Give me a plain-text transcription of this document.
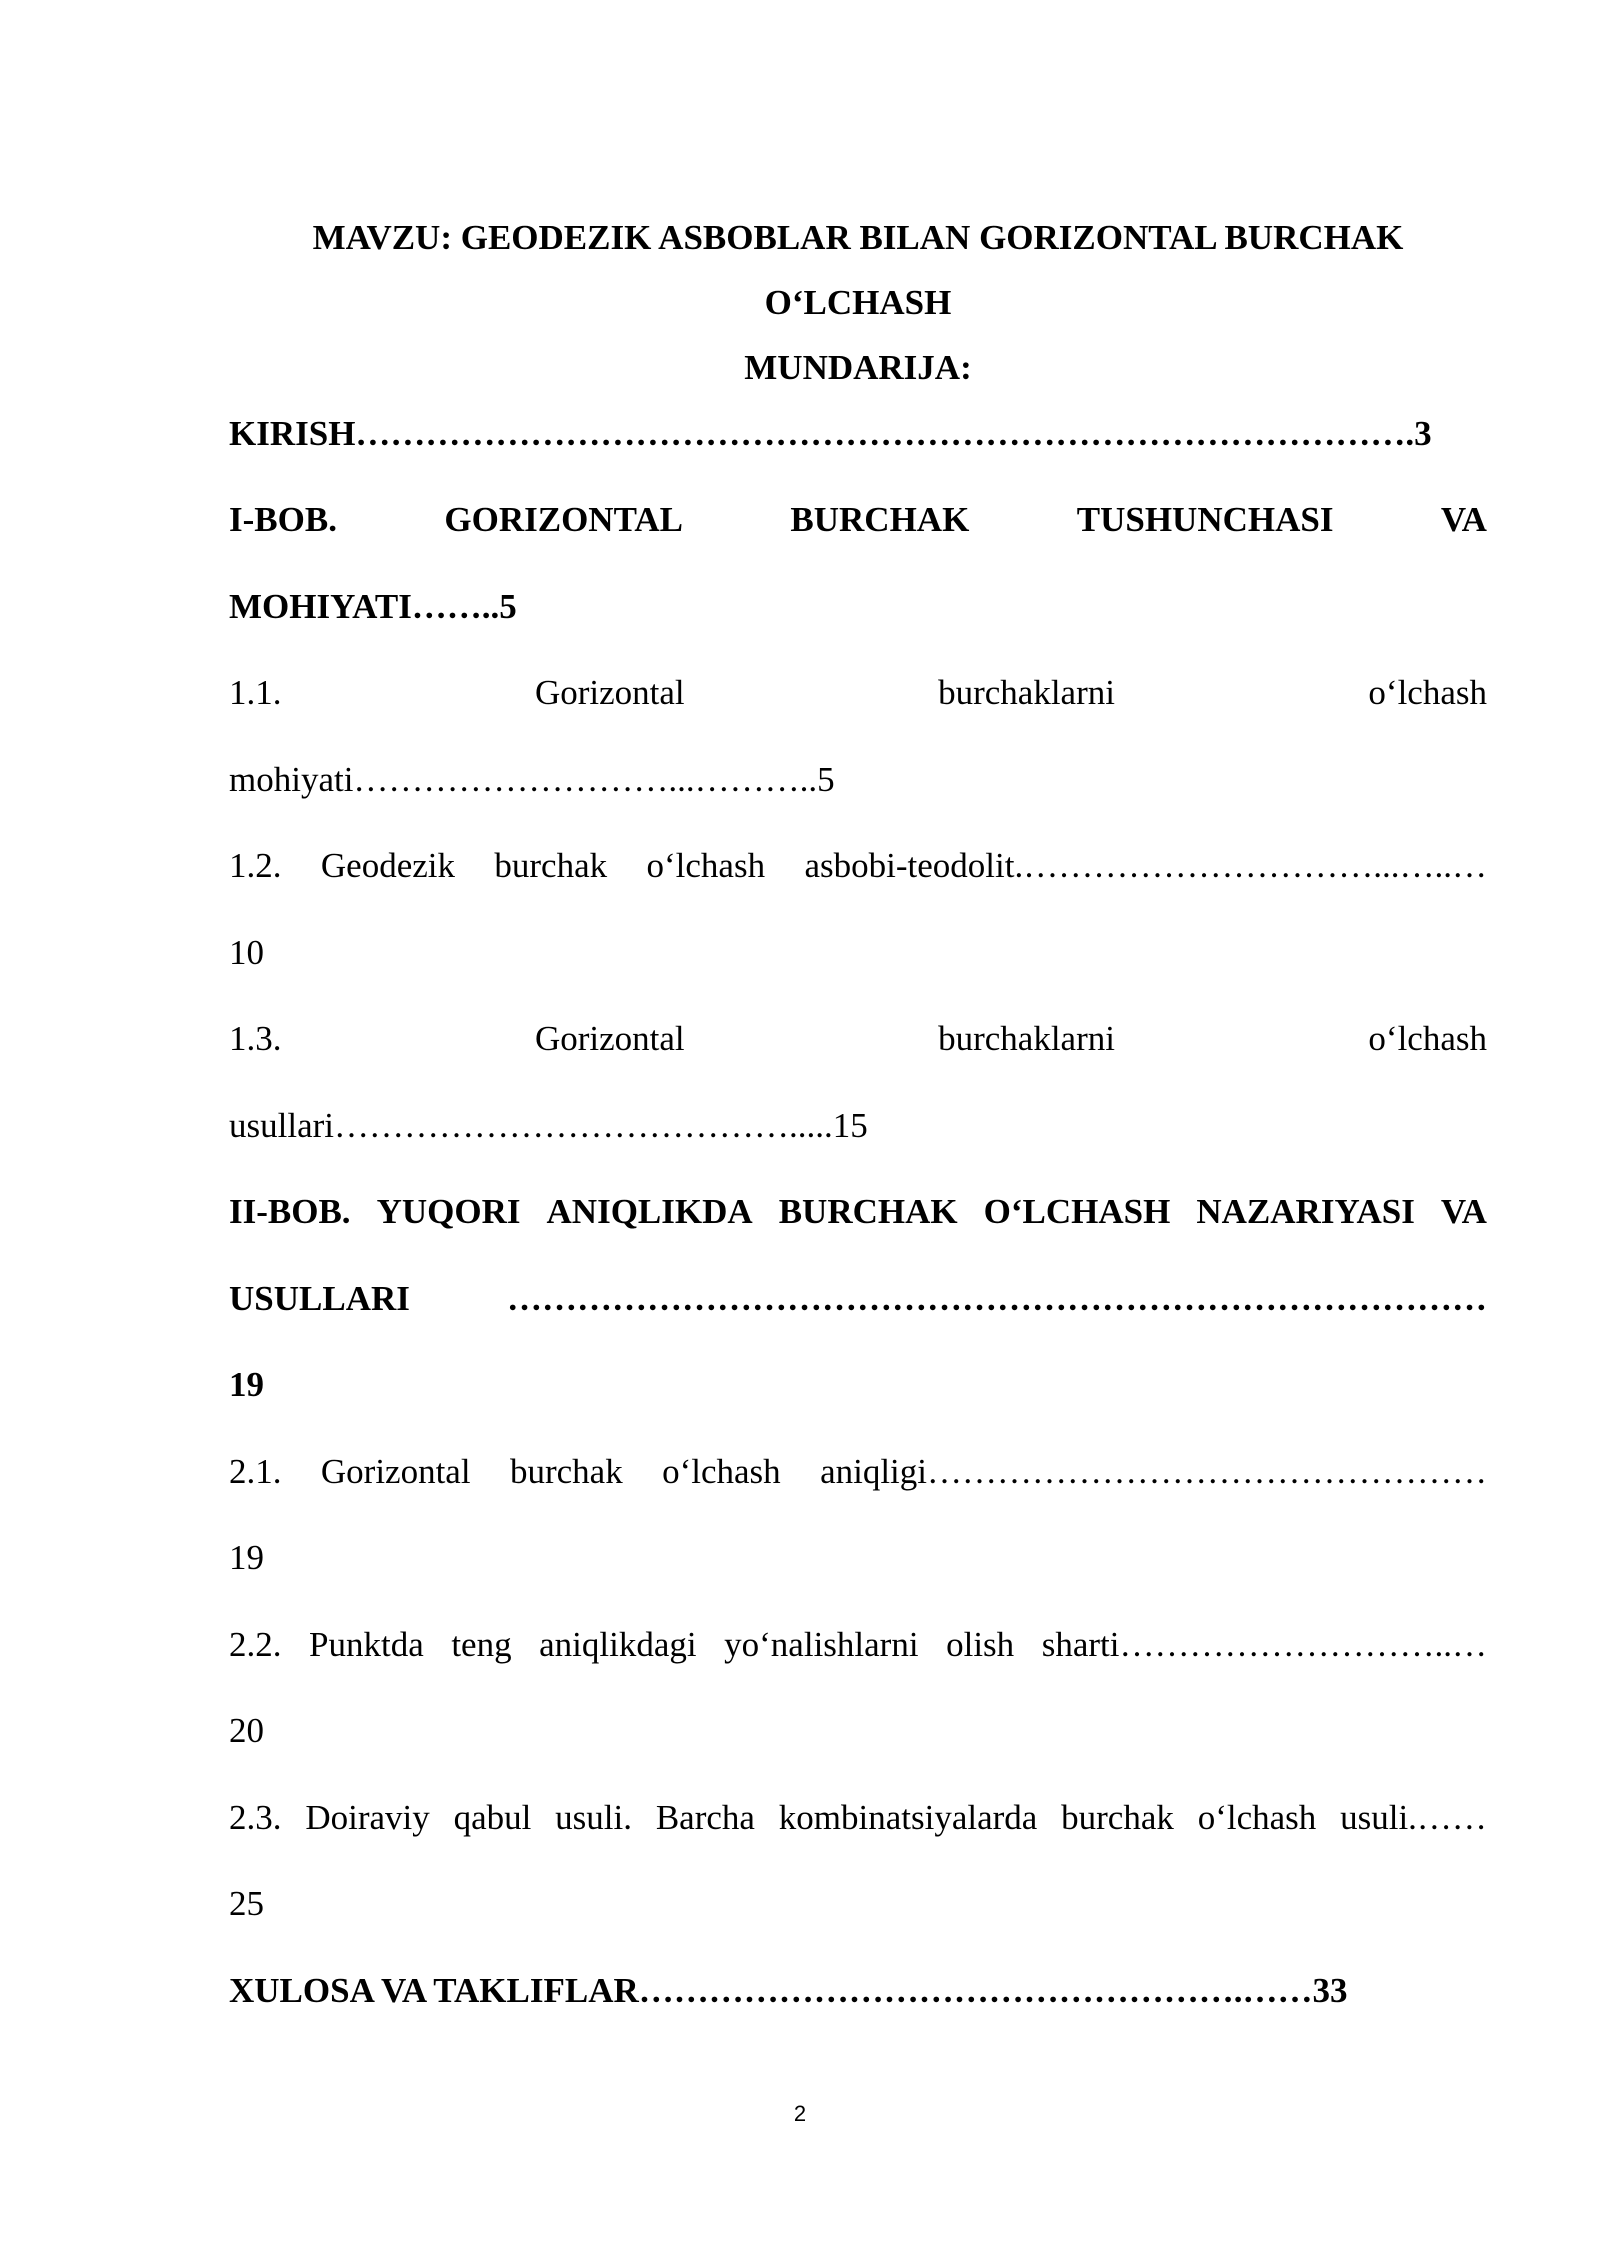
MAVZU: GEODEZIK ASBOBLAR BILAN GORIZONTAL BURCHAK
O‘LCHASH
MUNDARIJA:
KIRISH……………………………………………………………………………….3
I-BOB.	GORIZONTAL	BURCHAK	TUSHUNCHASI	VA
MOHIYATI……..5
1.1.	Gorizontal	burchaklarni	o‘lchash
mohiyati………………………...………..5
1.2. Geodezik burchak o‘lchash asbobi-teodolit.…………………………...…..…
10
1.3.	Gorizontal	burchaklarni	o‘lchash
usullari………………………………….....15
II-BOB. YUQORI ANIQLIKDA BURCHAK O‘LCHASH NAZARIYASI VA
USULLARI	…………………………………………………………………………
19
2.1. Gorizontal burchak o‘lchash aniqligi…………………………………………
19
2.2. Punktda teng aniqlikdagi yo‘nalishlarni olish sharti………………………..…
20
2.3. Doiraviy qabul usuli. Barcha kombinatsiyalarda burchak o‘lchash usuli.……
25
XULOSA VA TAKLIFLAR…………………………………………….……33
2
